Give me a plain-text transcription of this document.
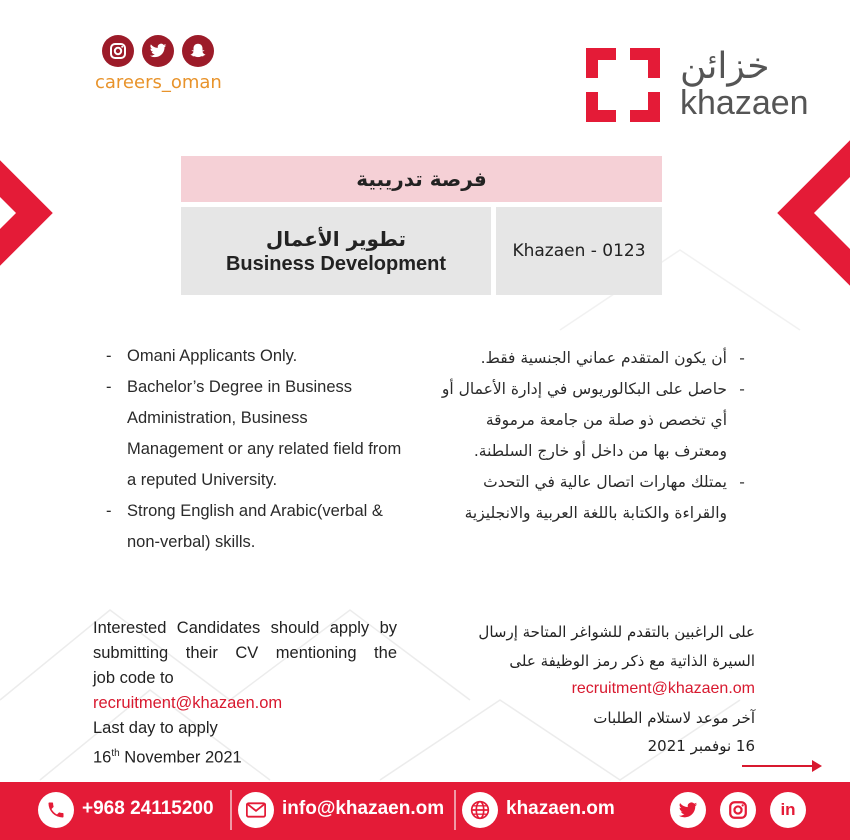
careers_oman	خزائن
khazaen
فرصة تدريبية
تطوير الأعمال
Business Development
Khazaen - 0123
- Omani Applicants Only.
- Bachelor’s Degree in Business Administration, Business Management or any related field from a reputed University.
- Strong English and Arabic(verbal & non-verbal) skills.
-
أن يكون المتقدم عماني الجنسية فقط.
-
حاصل على البكالوريوس في إدارة الأعمال أو أي تخصص ذو صلة من جامعة مرموقة ومعترف بها من داخل أو خارج السلطنة.
-
يمتلك مهارات اتصال عالية في التحدث والقراءة والكتابة باللغة العربية والانجليزية
Interested Candidates should apply by
submitting their CV mentioning the
job code to
recruitment@khazaen.om
Last day to apply
16th November 2021
على الراغبين بالتقدم للشواغر المتاحة إرسال
السيرة الذاتية مع ذكر رمز الوظيفة على
recruitment@khazaen.om
آخر موعد لاستلام الطلبات
16 نوفمبر 2021
+968 24115200	info@khazaen.om	khazaen.om	in
